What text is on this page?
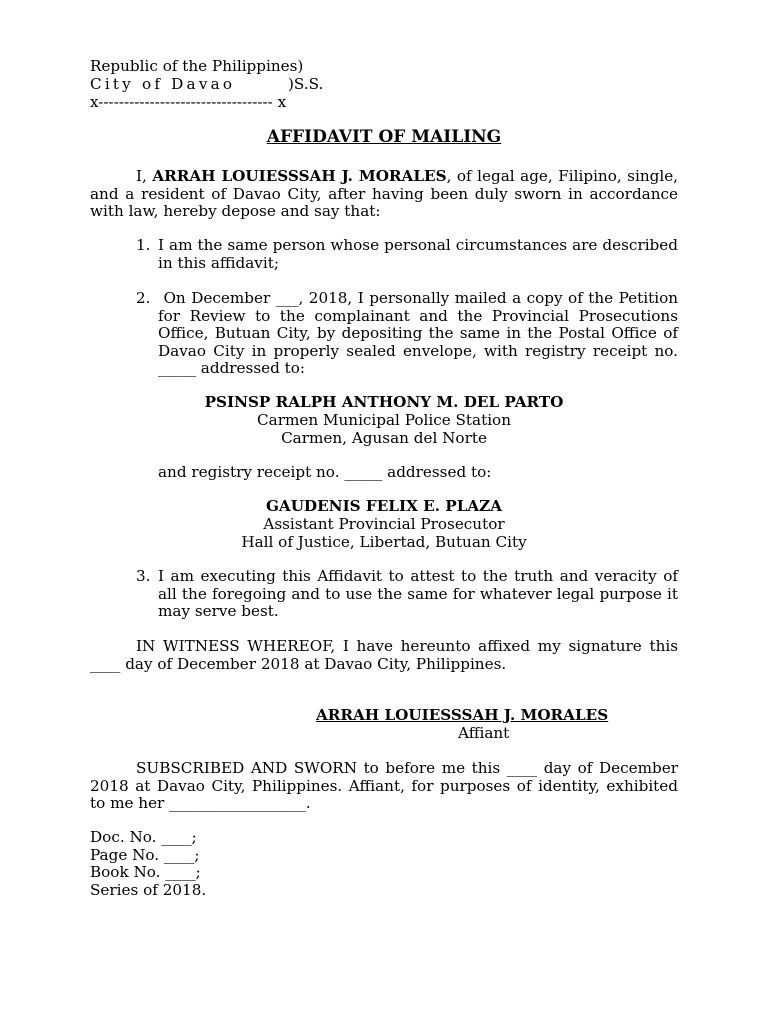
Republic of the Philippines)
City of Davao	)S.S.
x---------------------------------- x
AFFIDAVIT OF MAILING
I, ARRAH LOUIESSSAH J. MORALES, of legal age, Filipino, single, and a resident of Davao City, after having been duly sworn in accordance with law, hereby depose and say that:
1. I am the same person whose personal circumstances are described in this affidavit;
2. On December ___, 2018, I personally mailed a copy of the Petition for Review to the complainant and the Provincial Prosecutions Office, Butuan City, by depositing the same in the Postal Office of Davao City in properly sealed envelope, with registry receipt no. _____ addressed to:
PSINSP RALPH ANTHONY M. DEL PARTO
Carmen Municipal Police Station
Carmen, Agusan del Norte
and registry receipt no. _____ addressed to:
GAUDENIS FELIX E. PLAZA
Assistant Provincial Prosecutor
Hall of Justice, Libertad, Butuan City
3. I am executing this Affidavit to attest to the truth and veracity of all the foregoing and to use the same for whatever legal purpose it may serve best.
IN WITNESS WHEREOF, I have hereunto affixed my signature this ____ day of December 2018 at Davao City, Philippines.
ARRAH LOUIESSSAH J. MORALES
Affiant
SUBSCRIBED AND SWORN to before me this ____ day of December 2018 at Davao City, Philippines. Affiant, for purposes of identity, exhibited to me her __________________.
Doc. No. ____;
Page No. ____;
Book No. ____;
Series of 2018.
